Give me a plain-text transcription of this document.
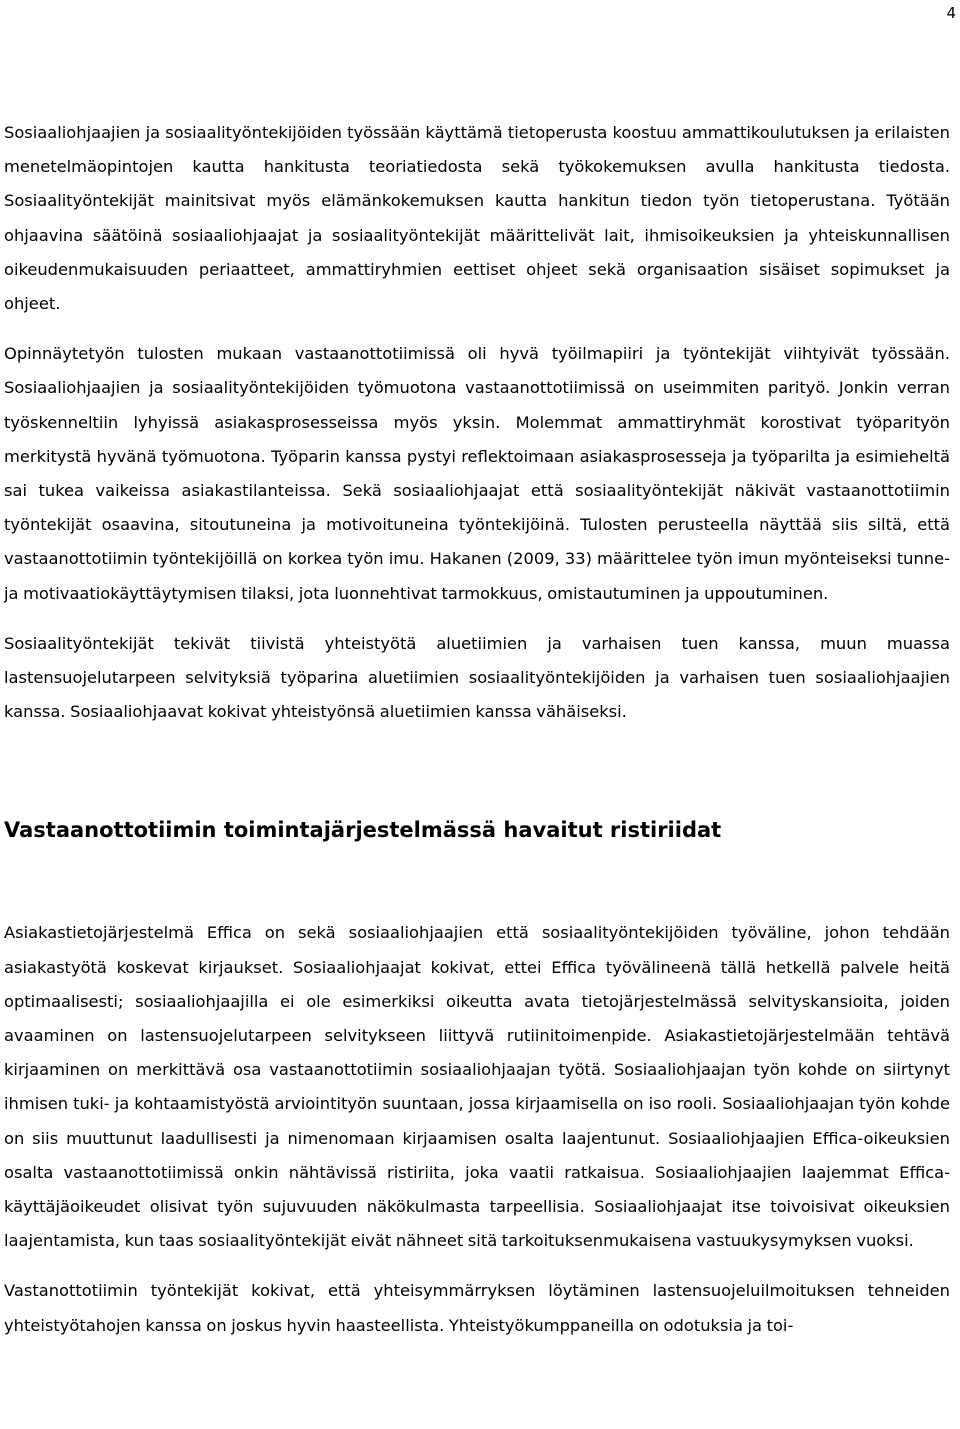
4

Sosiaaliohjaajien ja sosiaalityöntekijöiden työssään käyttämä tietoperusta koostuu ammattikoulutuksen ja erilaisten menetelmäopintojen kautta hankitusta teoriatiedosta sekä työkokemuksen avulla hankitusta tiedosta. Sosiaalityöntekijät mainitsivat myös elämänkokemuksen kautta hankitun tiedon työn tietoperustana. Työtään ohjaavina säätöinä sosiaaliohjaajat ja sosiaalityöntekijät määrittelivät lait, ihmisoikeuksien ja yhteiskunnallisen oikeudenmukaisuuden periaatteet, ammattiryhmien eettiset ohjeet sekä organisaation sisäiset sopimukset ja ohjeet.

Opinnäytetyön tulosten mukaan vastaanottotiimissä oli hyvä työilmapiiri ja työntekijät viihtyivät työssään. Sosiaaliohjaajien ja sosiaalityöntekijöiden työmuotona vastaanottotiimissä on useimmiten parityö. Jonkin verran työskenneltiin lyhyissä asiakasprosesseissa myös yksin. Molemmat ammattiryhmät korostivat työparityön merkitystä hyvänä työmuotona. Työparin kanssa pystyi reflektoimaan asiakasprosesseja ja työparilta ja esimieheltä sai tukea vaikeissa asiakastilanteissa. Sekä sosiaaliohjaajat että sosiaalityöntekijät näkivät vastaanottotiimin työntekijät osaavina, sitoutuneina ja motivoituneina työntekijöinä. Tulosten perusteella näyttää siis siltä, että vastaanottotiimin työntekijöillä on korkea työn imu. Hakanen (2009, 33) määrittelee työn imun myönteiseksi tunne- ja motivaatiokäyttäytymisen tilaksi, jota luonnehtivat tarmokkuus, omistautuminen ja uppoutuminen.

Sosiaalityöntekijät tekivät tiivistä yhteistyötä aluetiimien ja varhaisen tuen kanssa, muun muassa lastensuojelutarpeen selvityksiä työparina aluetiimien sosiaalityöntekijöiden ja varhaisen tuen sosiaaliohjaajien kanssa. Sosiaaliohjaavat kokivat yhteistyönsä aluetiimien kanssa vähäiseksi.

Vastaanottotiimin toimintajärjestelmässä havaitut ristiriidat

Asiakastietojärjestelmä Effica on sekä sosiaaliohjaajien että sosiaalityöntekijöiden työväline, johon tehdään asiakastyötä koskevat kirjaukset. Sosiaaliohjaajat kokivat, ettei Effica työvälineenä tällä hetkellä palvele heitä optimaalisesti; sosiaaliohjaajilla ei ole esimerkiksi oikeutta avata tietojärjestelmässä selvityskansioita, joiden avaaminen on lastensuojelutarpeen selvitykseen liittyvä rutiinitoimenpide. Asiakastietojärjestelmään tehtävä kirjaaminen on merkittävä osa vastaanottotiimin sosiaaliohjaajan työtä. Sosiaaliohjaajan työn kohde on siirtynyt ihmisen tuki- ja kohtaamistyöstä arviointityön suuntaan, jossa kirjaamisella on iso rooli. Sosiaaliohjaajan työn kohde on siis muuttunut laadullisesti ja nimenomaan kirjaamisen osalta laajentunut. Sosiaaliohjaajien Effica-oikeuksien osalta vastaanottotiimissä onkin nähtävissä ristiriita, joka vaatii ratkaisua. Sosiaaliohjaajien laajemmat Effica-käyttäjäoikeudet olisivat työn sujuvuuden näkökulmasta tarpeellisia. Sosiaaliohjaajat itse toivoisivat oikeuksien laajentamista, kun taas sosiaalityöntekijät eivät nähneet sitä tarkoituksenmukaisena vastuukysymyksen vuoksi.

Vastanottotiimin työntekijät kokivat, että yhteisymmärryksen löytäminen lastensuojeluilmoituksen tehneiden yhteistyötahojen kanssa on joskus hyvin haasteellista. Yhteistyökumppaneilla on odotuksia ja toi-
